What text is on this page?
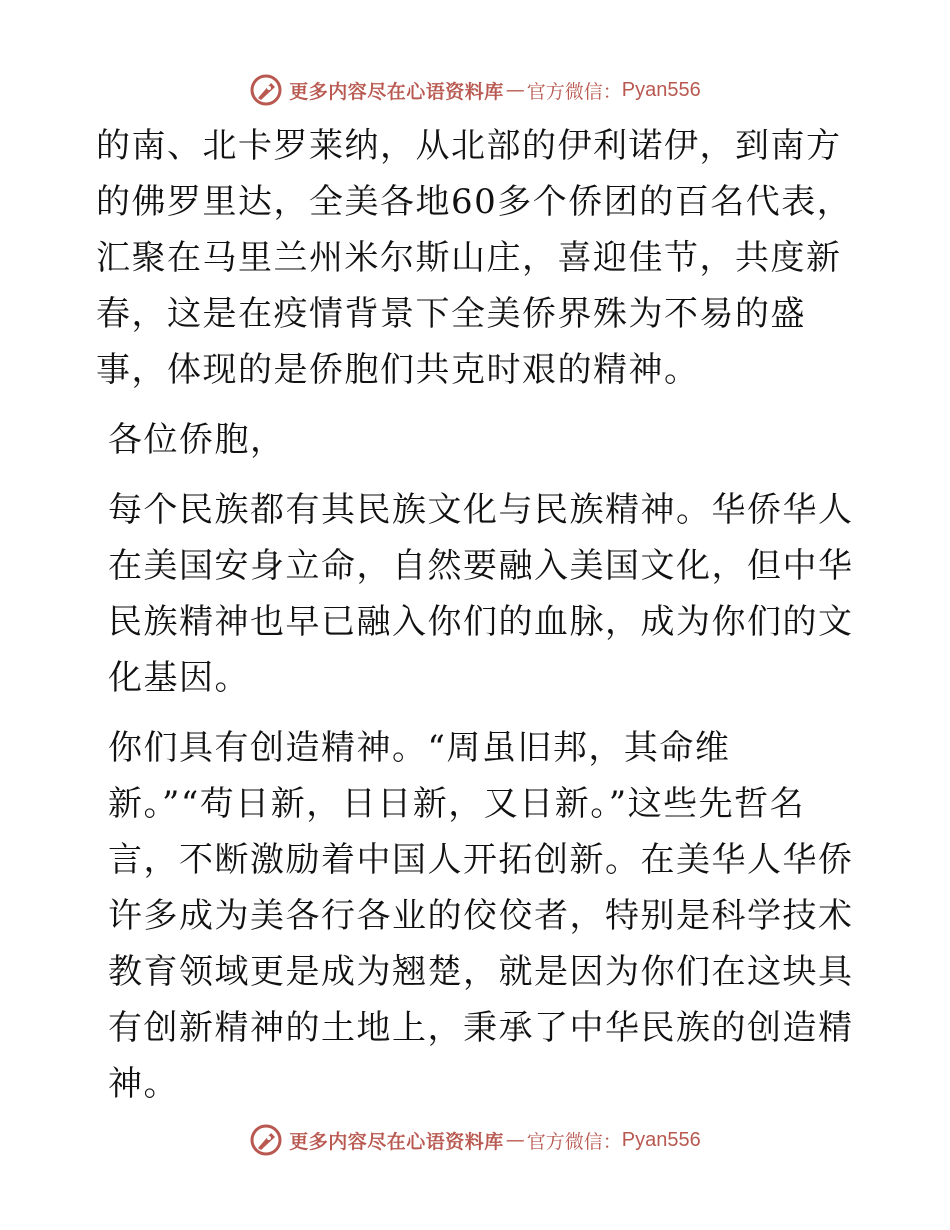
更多内容尽在心语资料库 — 官方微信： Pyan556

的南、北卡罗莱纳，从北部的伊利诺伊，到南方的佛罗里达，全美各地60多个侨团的百名代表，汇聚在马里兰州米尔斯山庄，喜迎佳节，共度新春，这是在疫情背景下全美侨界殊为不易的盛事，体现的是侨胞们共克时艰的精神。

各位侨胞，

每个民族都有其民族文化与民族精神。华侨华人在美国安身立命，自然要融入美国文化，但中华民族精神也早已融入你们的血脉，成为你们的文化基因。

你们具有创造精神。“周虽旧邦，其命维新。”“苟日新，日日新，又日新。”这些先哲名言，不断激励着中国人开拓创新。在美华人华侨许多成为美各行各业的佼佼者，特别是科学技术教育领域更是成为翘楚，就是因为你们在这块具有创新精神的土地上，秉承了中华民族的创造精神。

更多内容尽在心语资料库 — 官方微信： Pyan556
